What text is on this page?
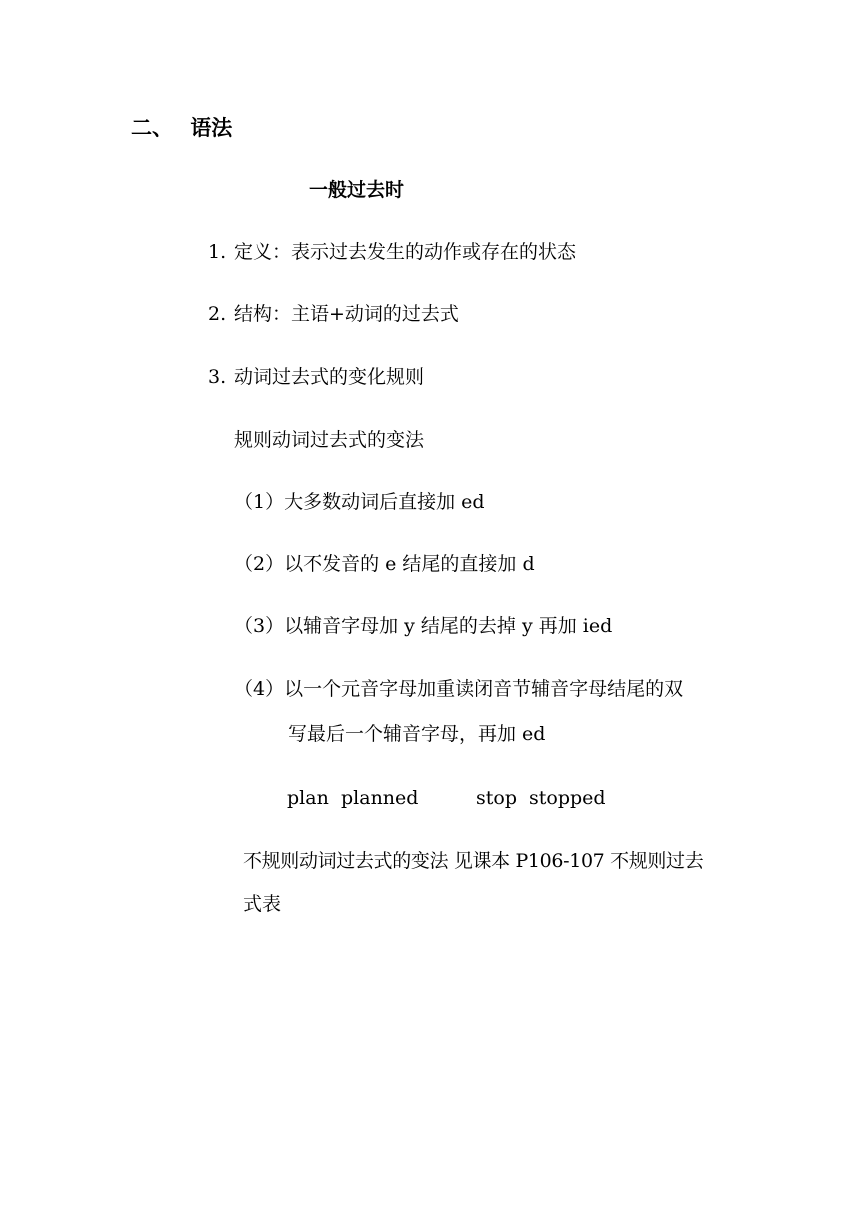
二、 语法
一般过去时
1. 定义：表示过去发生的动作或存在的状态
2. 结构：主语+动词的过去式
3. 动词过去式的变化规则
规则动词过去式的变法
（1）大多数动词后直接加 ed
（2）以不发音的 e 结尾的直接加 d
（3）以辅音字母加 y 结尾的去掉 y 再加 ied
（4）以一个元音字母加重读闭音节辅音字母结尾的双
写最后一个辅音字母，再加 ed
plan planned	stop stopped
不规则动词过去式的变法 见课本 P106-107 不规则过去
式表
